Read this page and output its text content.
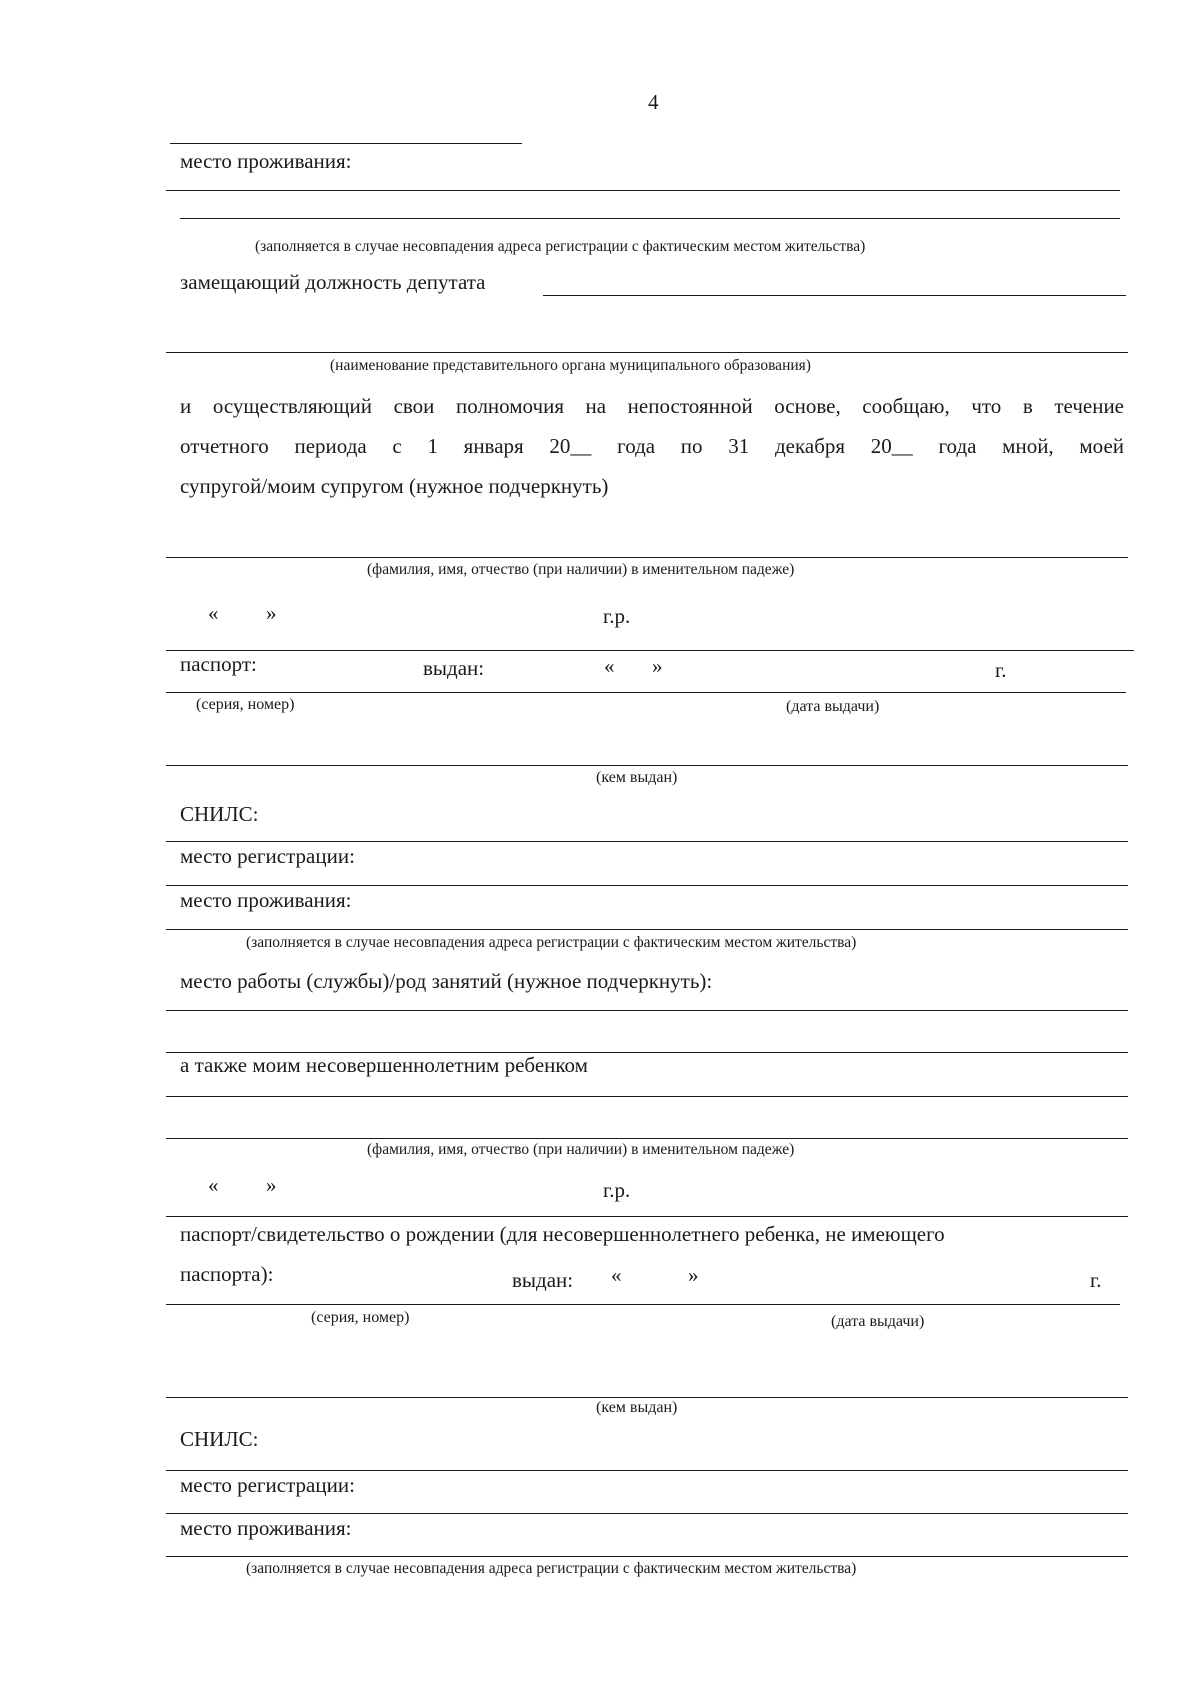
4
место проживания:
(заполняется в случае несовпадения адреса регистрации с фактическим местом жительства)
замещающий должность депутата
(наименование представительного органа муниципального образования)
и осуществляющий свои полномочия на непостоянной основе, сообщаю, что в течение
отчетного периода с 1 января 20__ года по 31 декабря 20__ года мной, моей
супругой/моим супругом (нужное подчеркнуть)
(фамилия, имя, отчество (при наличии) в именительном падеже)
« »	г.р.
паспорт:	выдан:	« »	г.
(серия, номер)	(дата выдачи)
(кем выдан)
СНИЛС:
место регистрации:
место проживания:
(заполняется в случае несовпадения адреса регистрации с фактическим местом жительства)
место работы (службы)/род занятий (нужное подчеркнуть):
а также моим несовершеннолетним ребенком
(фамилия, имя, отчество (при наличии) в именительном падеже)
« »	г.р.
паспорт/свидетельство о рождении (для несовершеннолетнего ребенка, не имеющего
паспорта):	выдан: «	»	г.
(серия, номер)	(дата выдачи)
(кем выдан)
СНИЛС:
место регистрации:
место проживания:
(заполняется в случае несовпадения адреса регистрации с фактическим местом жительства)
